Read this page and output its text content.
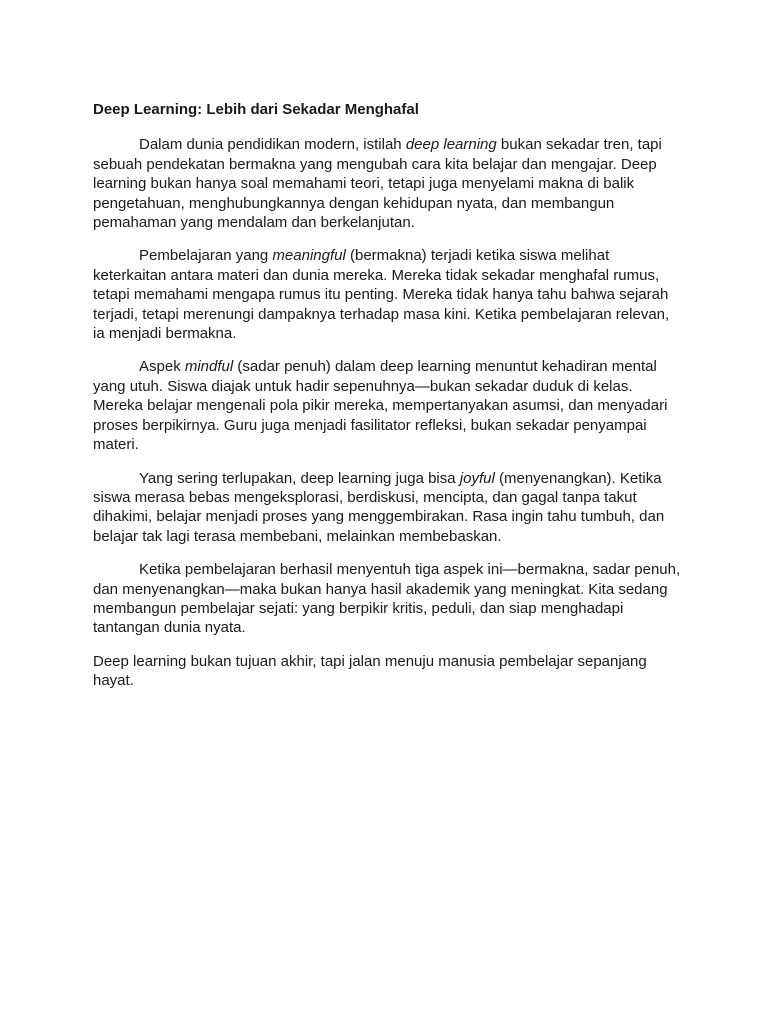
Deep Learning: Lebih dari Sekadar Menghafal

Dalam dunia pendidikan modern, istilah deep learning bukan sekadar tren, tapi sebuah pendekatan bermakna yang mengubah cara kita belajar dan mengajar. Deep learning bukan hanya soal memahami teori, tetapi juga menyelami makna di balik pengetahuan, menghubungkannya dengan kehidupan nyata, dan membangun pemahaman yang mendalam dan berkelanjutan.

Pembelajaran yang meaningful (bermakna) terjadi ketika siswa melihat keterkaitan antara materi dan dunia mereka. Mereka tidak sekadar menghafal rumus, tetapi memahami mengapa rumus itu penting. Mereka tidak hanya tahu bahwa sejarah terjadi, tetapi merenungi dampaknya terhadap masa kini. Ketika pembelajaran relevan, ia menjadi bermakna.

Aspek mindful (sadar penuh) dalam deep learning menuntut kehadiran mental yang utuh. Siswa diajak untuk hadir sepenuhnya—bukan sekadar duduk di kelas. Mereka belajar mengenali pola pikir mereka, mempertanyakan asumsi, dan menyadari proses berpikirnya. Guru juga menjadi fasilitator refleksi, bukan sekadar penyampai materi.

Yang sering terlupakan, deep learning juga bisa joyful (menyenangkan). Ketika siswa merasa bebas mengeksplorasi, berdiskusi, mencipta, dan gagal tanpa takut dihakimi, belajar menjadi proses yang menggembirakan. Rasa ingin tahu tumbuh, dan belajar tak lagi terasa membebani, melainkan membebaskan.

Ketika pembelajaran berhasil menyentuh tiga aspek ini—bermakna, sadar penuh, dan menyenangkan—maka bukan hanya hasil akademik yang meningkat. Kita sedang membangun pembelajar sejati: yang berpikir kritis, peduli, dan siap menghadapi tantangan dunia nyata.

Deep learning bukan tujuan akhir, tapi jalan menuju manusia pembelajar sepanjang hayat.
